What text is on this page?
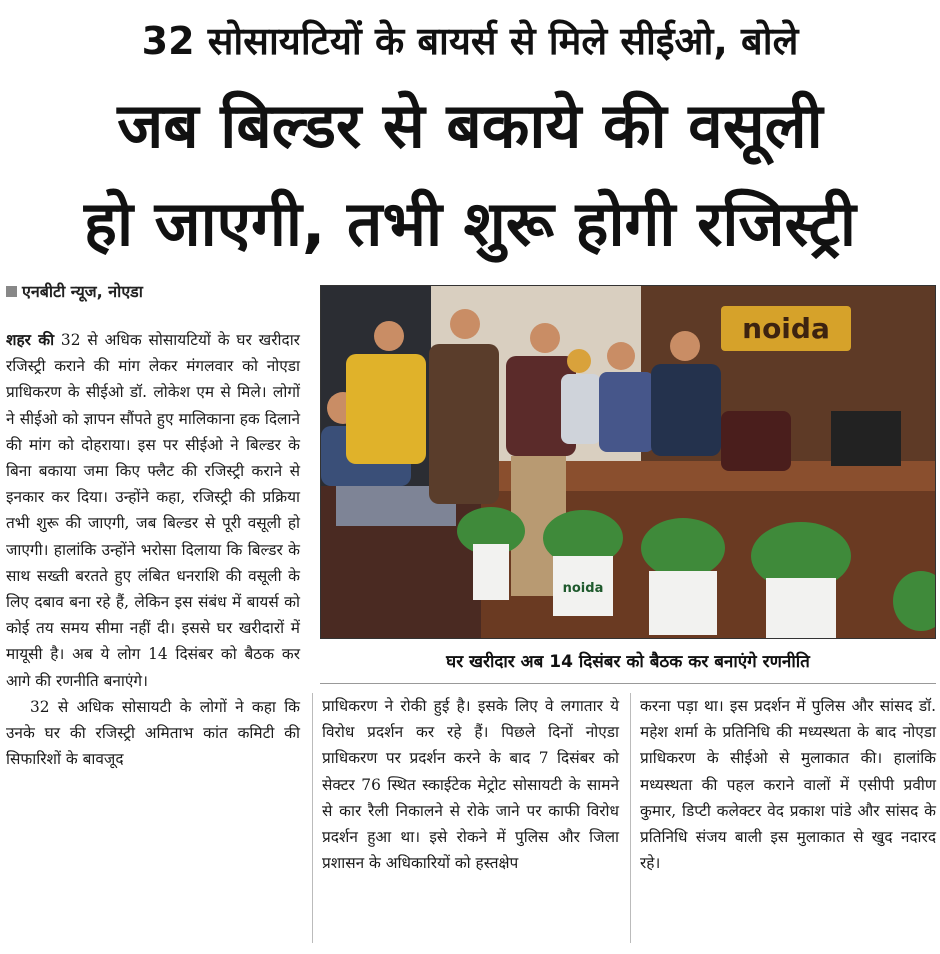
32 सोसायटियों के बायर्स से मिले सीईओ, बोले
जब बिल्डर से बकाये की वसूली
हो जाएगी, तभी शुरू होगी रजिस्ट्री
एनबीटी न्यूज, नोएडा

शहर की 32 से अधिक सोसायटियों के घर खरीदार रजिस्ट्री कराने की मांग लेकर मंगलवार को नोएडा प्राधिकरण के सीईओ डॉ. लोकेश एम से मिले। लोगों ने सीईओ को ज्ञापन सौंपते हुए मालिकाना हक दिलाने की मांग को दोहराया। इस पर सीईओ ने बिल्डर के बिना बकाया जमा किए फ्लैट की रजिस्ट्री कराने से इनकार कर दिया। उन्होंने कहा, रजिस्ट्री की प्रक्रिया तभी शुरू की जाएगी, जब बिल्डर से पूरी वसूली हो जाएगी। हालांकि उन्होंने भरोसा दिलाया कि बिल्डर के साथ सख्ती बरतते हुए लंबित धनराशि की वसूली के लिए दबाव बना रहे हैं, लेकिन इस संबंध में बायर्स को कोई तय समय सीमा नहीं दी। इससे घर खरीदारों में मायूसी है। अब ये लोग 14 दिसंबर को बैठक कर आगे की रणनीति बनाएंगे।

32 से अधिक सोसायटी के लोगों ने कहा कि उनके घर की रजिस्ट्री अमिताभ कांत कमिटी की सिफारिशों के बावजूद

noida
noida
घर खरीदार अब 14 दिसंबर को बैठक कर बनाएंगे रणनीति

प्राधिकरण ने रोकी हुई है। इसके लिए वे लगातार ये विरोध प्रदर्शन कर रहे हैं। पिछले दिनों नोएडा प्राधिकरण पर प्रदर्शन करने के बाद 7 दिसंबर को सेक्टर 76 स्थित स्काईटेक मेट्रोट सोसायटी के सामने से कार रैली निकालने से रोके जाने पर काफी विरोध प्रदर्शन हुआ था। इसे रोकने में पुलिस और जिला प्रशासन के अधिकारियों को हस्तक्षेप

करना पड़ा था। इस प्रदर्शन में पुलिस और सांसद डॉ. महेश शर्मा के प्रतिनिधि की मध्यस्थता के बाद नोएडा प्राधिकरण के सीईओ से मुलाकात की। हालांकि मध्यस्थता की पहल कराने वालों में एसीपी प्रवीण कुमार, डिप्टी कलेक्टर वेद प्रकाश पांडे और सांसद के प्रतिनिधि संजय बाली इस मुलाकात से खुद नदारद रहे।
